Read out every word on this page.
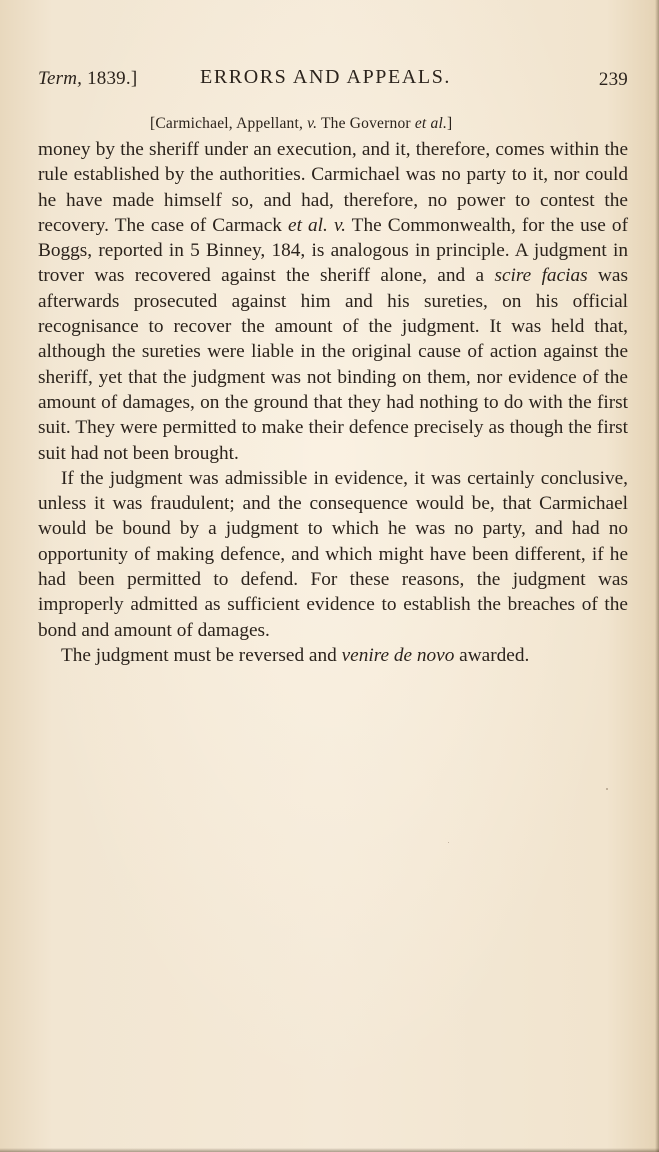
Term, 1839.]	ERRORS AND APPEALS.	239
[Carmichael, Appellant, v. The Governor et al.]

money by the sheriff under an execution, and it, therefore, comes within the rule established by the authorities. Carmichael was no party to it, nor could he have made himself so, and had, therefore, no power to contest the recovery. The case of Carmack et al. v. The Commonwealth, for the use of Boggs, reported in 5 Binney, 184, is analogous in principle. A judgment in trover was recovered against the sheriff alone, and a scire facias was afterwards prosecuted against him and his sureties, on his official recognisance to recover the amount of the judgment. It was held that, although the sureties were liable in the original cause of action against the sheriff, yet that the judgment was not binding on them, nor evidence of the amount of damages, on the ground that they had nothing to do with the first suit. They were permitted to make their defence precisely as though the first suit had not been brought.

If the judgment was admissible in evidence, it was certainly conclusive, unless it was fraudulent; and the consequence would be, that Carmichael would be bound by a judgment to which he was no party, and had no opportunity of making defence, and which might have been different, if he had been permitted to defend. For these reasons, the judgment was improperly admitted as sufficient evidence to establish the breaches of the bond and amount of damages.

The judgment must be reversed and venire de novo awarded.
